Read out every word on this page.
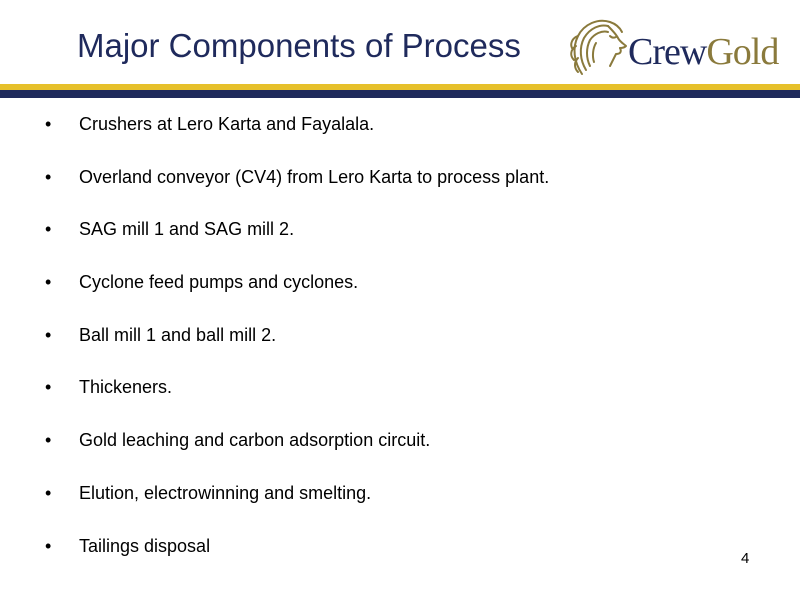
Major Components of Process	CrewGold
•	Crushers at Lero Karta and Fayalala.
•	Overland conveyor (CV4) from Lero Karta to process plant.
•	SAG mill 1 and SAG mill 2.
•	Cyclone feed pumps and cyclones.
•	Ball mill 1 and ball mill 2.
•	Thickeners.
•	Gold leaching and carbon adsorption circuit.
•	Elution, electrowinning and smelting.
•	Tailings disposal
4
